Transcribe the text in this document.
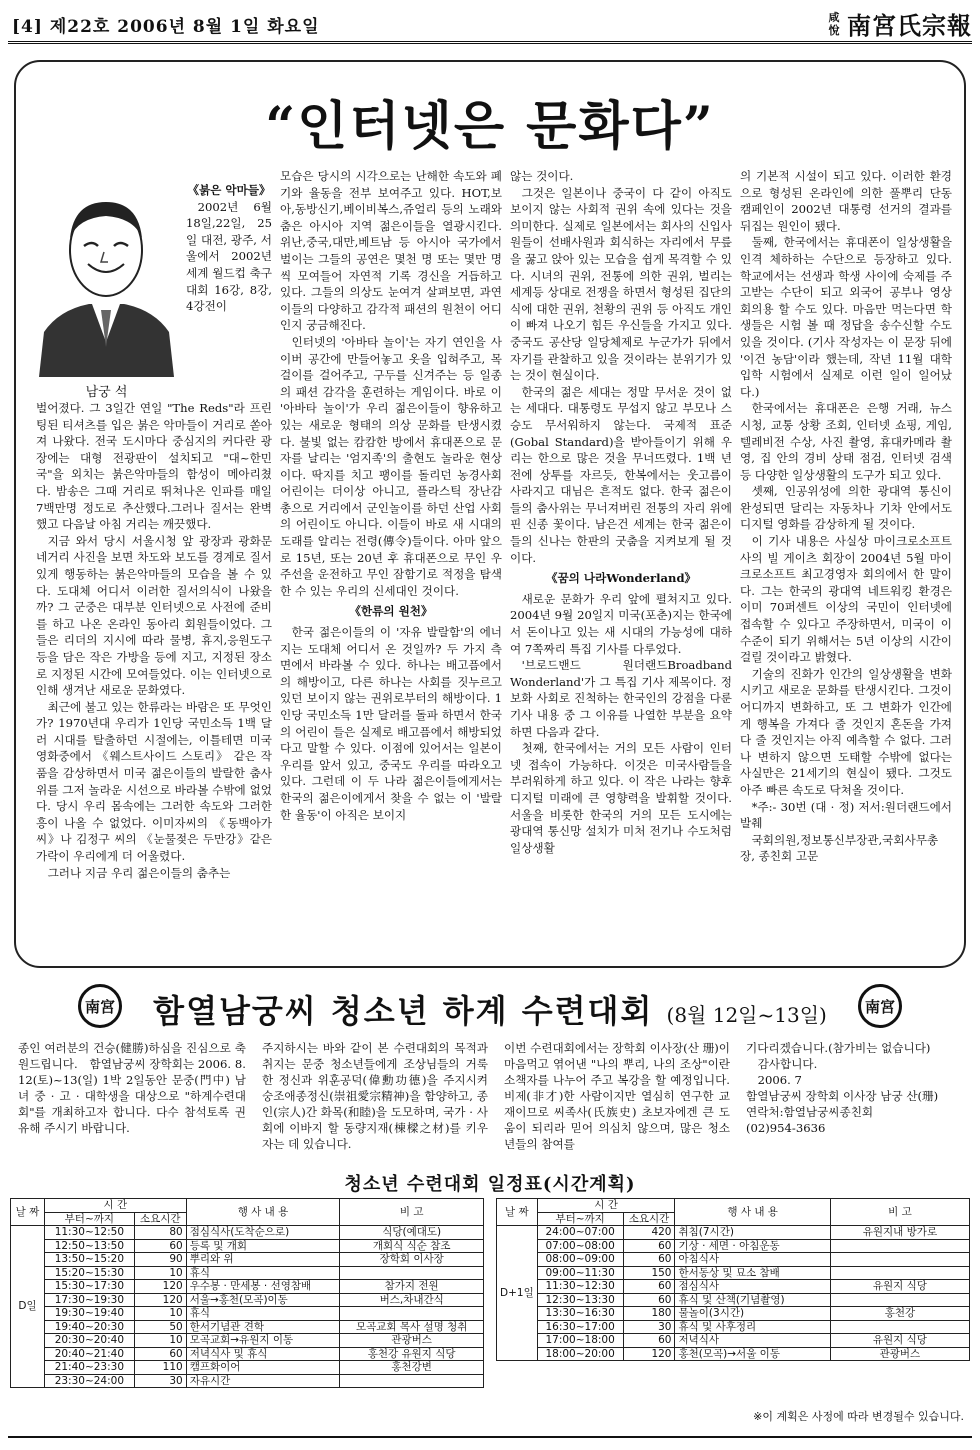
[4] 제22호 2006년 8월 1일 화요일	咸悅 南宮氏宗報
“인터넷은 문화다”
남궁 석
《붉은 악마들》
2002년 6월 18일,22일, 25일 대전, 광주, 서울에서 2002년 세계 월드컵 축구 대회 16강, 8강, 4강전이

벌어졌다. 그 3일간 연일 "The Reds"라 프린팅된 티셔츠를 입은 붉은 악마들이 거리로 쏟아져 나왔다. 전국 도시마다 중심지의 커다란 광장에는 대형 전광판이 설치되고 "대~한민국"을 외치는 붉은악마들의 함성이 메아리쳤다. 밤송은 그때 거리로 뛰쳐나온 인파를 매일 7백만명 정도로 추산했다.그러나 질서는 완벽했고 다음날 아침 거리는 깨끗했다.

지금 와서 당시 서울시청 앞 광장과 광화문 네거리 사진을 보면 차도와 보도를 경계로 질서 있게 행동하는 붉은악마들의 모습을 볼 수 있다. 도대체 어디서 이러한 질서의식이 나왔을까? 그 군중은 대부분 인터넷으로 사전에 준비를 하고 나온 온라인 동아리 회원들이었다. 그들은 리더의 지시에 따라 물병, 휴지,응원도구 등을 담은 작은 가방을 등에 지고, 지정된 장소로 지정된 시간에 모여들었다. 이는 인터넷으로 인해 생겨난 새로운 문화였다.

최근에 불고 있는 한류라는 바람은 또 무엇인가? 1970년대 우리가 1인당 국민소득 1백 달러 시대를 탈출하던 시절에는, 이틀테면 미국 영화중에서 《웨스트사이드 스토리》 같은 작품을 감상하면서 미국 젊은이들의 발랄한 춤사위를 그저 놀라운 시선으로 바라볼 수밖에 없었다. 당시 우리 몸속에는 그러한 속도와 그러한 흥이 나올 수 없었다. 이미자씨의 《동백아가씨》나 김정구 씨의 《눈물젖은 두만강》같은 가락이 우리에게 더 어울렸다.

그러나 지금 우리 젊은이들의 춤추는

모습은 당시의 시각으로는 난해한 속도와 폐기와 율동을 전부 보여주고 있다. HOT,보아,동방신기,베이비복스,쥬얼리 등의 노래와 춤은 아시아 지역 젊은이들을 열광시킨다. 위난,중국,대만,베트남 등 아시아 국가에서 벌이는 그들의 공연은 몇천 명 또는 몇만 명씩 모여들어 자연적 기록 경신을 거듭하고 있다. 그들의 의상도 눈여겨 살펴보면, 과연 이들의 다양하고 감각적 패션의 원천이 어디인지 궁금해진다.

인터넷의 '아바타 놀이'는 자기 연인을 사이버 공간에 만들어놓고 옷을 입혀주고, 목걸이를 걸어주고, 구두를 신겨주는 등 일종의 패션 감각을 훈련하는 게임이다. 바로 이 '아바타 놀이'가 우리 젊은이들이 향유하고 있는 새로운 형태의 의상 문화를 탄생시켰다. 불빛 없는 캄캄한 방에서 휴대폰으로 문자를 날리는 '엄지족'의 출현도 놀라운 현상이다. 딱지를 치고 팽이를 돌리던 농경사회 어린이는 더이상 아니고, 플라스틱 장난감 총으로 거리에서 군인놀이를 하던 산업 사회의 어린이도 아니다. 이들이 바로 새 시대의 도래를 알리는 전령(傳令)들이다. 아마 앞으로 15년, 또는 20년 후 휴대폰으로 무인 우주선을 운전하고 무인 잠함기로 적정을 탐색한 수 있는 우리의 신세대인 것이다.

《한류의 원천》

한국 젊은이들의 이 '자유 발랄함'의 에너지는 도대체 어디서 온 것일까? 두 가지 측면에서 바라볼 수 있다. 하나는 배고픔에서의 해방이고, 다른 하나는 사회를 짓누르고 있던 보이지 않는 권위로부터의 해방이다. 1인당 국민소득 1만 달러를 돌파 하면서 한국의 어린이 들은 실제로 배고픔에서 해방되었다고 말할 수 있다. 이점에 있어서는 일본이 우리를 앞서 있고, 중국도 우리를 따라오고 있다. 그런데 이 두 나라 젊은이들에게서는 한국의 젊은이에게서 찾을 수 없는 이 '발랄한 율동'이 아직은 보이지

않는 것이다.

그것은 일본이나 중국이 다 같이 아직도 보이지 않는 사회적 권위 속에 있다는 것을 의미한다. 실제로 일본에서는 회사의 신입사원들이 선배사원과 회식하는 자리에서 무릎을 꿇고 앉아 있는 모습을 쉽게 목격할 수 있다. 시녀의 권위, 전통에 의한 권위, 벌리는 세계등 상대로 전쟁을 하면서 형성된 집단의식에 대한 권위, 천황의 권위 등 아직도 개인이 빠져 나오기 힘든 우신들을 가지고 있다. 중국도 공산당 일당체제로 누군가가 뒤에서 자기를 관찰하고 있을 것이라는 분위기가 있는 것이 현실이다.

한국의 젊은 세대는 정말 무서운 것이 없는 세대다. 대통령도 무섭지 않고 부모나 스승도 무서워하지 않는다. 국제적 표준(Gobal Standard)을 받아들이기 위해 우리는 한으로 많은 것을 무너뜨렸다. 1백 년 전에 상투를 자르듯, 한복에서는 웃고름이 사라지고 대님은 흔적도 없다. 한국 젊은이들의 춤사위는 무너져버린 전통의 자리 위에 핀 신종 꽃이다. 남은건 세계는 한국 젊은이들의 신나는 한판의 굿춤을 지켜보게 될 것이다.

《꿈의 나라Wonderland》

새로운 문화가 우리 앞에 펼쳐지고 있다. 2004년 9월 20일지 미국(포춘)지는 한국에서 돈이나고 있는 새 시대의 가능성에 대하여 7쪽짜리 특집 기사를 다루었다.

'브로드밴드 원더랜드Broadband Wonderland'가 그 특집 기사 제목이다. 정보화 사회로 진척하는 한국인의 강점을 다룬 기사 내용 중 그 이유를 나열한 부분을 요약하면 다음과 같다.

첫째, 한국에서는 거의 모든 사람이 인터넷 접속이 가능하다. 이것은 미국사람들을 부러워하게 하고 있다. 이 작은 나라는 향후 디지털 미래에 큰 영향력을 발휘할 것이다. 서울을 비롯한 한국의 거의 모든 도시에는 광대역 통신망 설치가 미처 전기나 수도처럼 일상생활

의 기본적 시설이 되고 있다. 이러한 환경으로 형성된 온라인에 의한 풀뿌리 단동 캠페인이 2002년 대통령 선거의 결과를 뒤집는 원인이 됐다.

둘째, 한국에서는 휴대폰이 일상생활을 인격 체하하는 수단으로 등장하고 있다. 학교에서는 선생과 학생 사이에 숙제를 주고받는 수단이 되고 외국어 공부나 영상 회의용 할 수도 있다. 마음만 먹는다면 학생들은 시험 볼 때 정답을 송수신할 수도 있을 것이다. (기사 작성자는 이 문장 뒤에 '이건 농담'이라 했는데, 작년 11월 대학 입학 시험에서 실제로 이런 일이 일어났다.)

한국에서는 휴대폰은 은행 거래, 뉴스 시청, 교통 상황 조회, 인터넷 쇼핑, 게임, 텔레비전 수상, 사진 촬영, 휴대카메라 촬영, 집 안의 경비 상태 점검, 인터넷 검색 등 다양한 일상생활의 도구가 되고 있다.

셋째, 인공위성에 의한 광대역 통신이 완성되면 달리는 자동차나 기차 안에서도 디지털 영화를 감상하게 될 것이다.

이 기사 내용은 사실상 마이크로소프트사의 빌 게이츠 회장이 2004년 5월 마이크로소프트 최고경영자 회의에서 한 말이다. 그는 한국의 광대역 네트워킹 환경은 이미 70퍼센트 이상의 국민이 인터넷에 접속할 수 있다고 주장하면서, 미국이 이 수준이 되기 위해서는 5년 이상의 시간이 걸릴 것이라고 밝혔다.

기술의 진화가 인간의 일상생활을 변화시키고 새로운 문화를 탄생시킨다. 그것이 어디까지 변화하고, 또 그 변화가 인간에게 행복을 가져다 줄 것인지 혼돈을 가져다 줄 것인지는 아직 예측할 수 없다. 그러나 변하지 않으면 도태할 수밖에 없다는 사실만은 21세기의 현실이 됐다. 그것도 아주 빠른 속도로 닥쳐올 것이다.

*주:- 30번 (대 · 정) 저서:원더랜드에서 발췌

국회의원,정보통신부장관,국회사무총장, 종친회 고문

南宮	함열남궁씨 청소년 하계 수련대회 (8월 12일~13일)	南宮
종인 여러분의 건승(健勝)하심을 진심으로 축원드립니다.　함열남궁씨 장학회는 2006. 8. 12(토)~13(일) 1박 2일동안 문중(門中) 남녀 중 · 고 · 대학생을 대상으로 "하계수련대회"를 개최하고자 합니다. 다수 참석토록 권유해 주시기 바랍니다.
주지하시는 바와 같이 본 수련대회의 목적과 취지는 문중 청소년들에게 조상님들의 거룩한 정신과 위훈공덕(偉勳功德)을 주지시켜 숭조애종정신(崇祖愛宗精神)을 함양하고, 종인(宗人)간 화목(和睦)을 도모하며, 국가 · 사회에 이바지 할 동량지재(棟樑之材)를 키우자는 데 있습니다.
이번 수련대회에서는 장학회 이사장(산 珊)이 마음먹고 엮어낸 "나의 뿌리, 나의 조상"이란 소책자를 나누어 주고 복강을 할 예정입니다. 비제(非才)한 사람이지만 열심히 연구한 교재이므로 씨족사(氏族史) 초보자에겐 큰 도움이 되리라 믿어 의심치 않으며, 많은 청소년들의 참여를
기다리겠습니다.(참가비는 없습니다)
　감사합니다.
　2006. 7
함열남궁씨 장학회 이사장 남궁 산(珊)
연락처:함열남궁씨종친회
(02)954-3636
청소년 수련대회 일정표(시간계획)
날 짜	시 간		행 사 내 용	비 고
	부터~까지	소요시간		
D일	11:30~12:50	80	점심식사(도착순으로)	식당(예대도)
	12:50~13:50	60	등록 및 개회	개회식 식순 참조
	13:50~15:20	90	뿌리와 위	장학회 이사장
	15:20~15:30	10	휴식	
	15:30~17:30	120	우수봉 · 만세봉 · 선영참배	참가지 전원
	17:30~19:30	120	서울→홍천(모곡)이동	버스,차내간식
	19:30~19:40	10	휴식	
	19:40~20:30	50	한서기념관 견학	모곡교회 목사 설명 청취
	20:30~20:40	10	모곡교회→유원지 이동	관광버스
	20:40~21:40	60	저녁식사 및 휴식	홍천강 유원지 식당
	21:40~23:30	110	캠프화이어	홍천강변
	23:30~24:00	30	자유시간	
날 짜	시 간		행 사 내 용	비 고
	부터~까지	소요시간		
D+1일	24:00~07:00	420	취침(7시간)	유원지내 방가로
	07:00~08:00	60	기상 · 세면 · 아침운동	
	08:00~09:00	60	아침식사	
	09:00~11:30	150	한서동상 및 묘소 참배	
	11:30~12:30	60	점심식사	유원지 식당
	12:30~13:30	60	휴식 및 산책(기념촬영)	
	13:30~16:30	180	물놀이(3시간)	홍천강
	16:30~17:00	30	휴식 및 사후정리	
	17:00~18:00	60	저녁식사	유원지 식당
	18:00~20:00	120	홍천(모곡)→서울 이동	관광버스
※이 계획은 사정에 따라 변경될수 있습니다.
